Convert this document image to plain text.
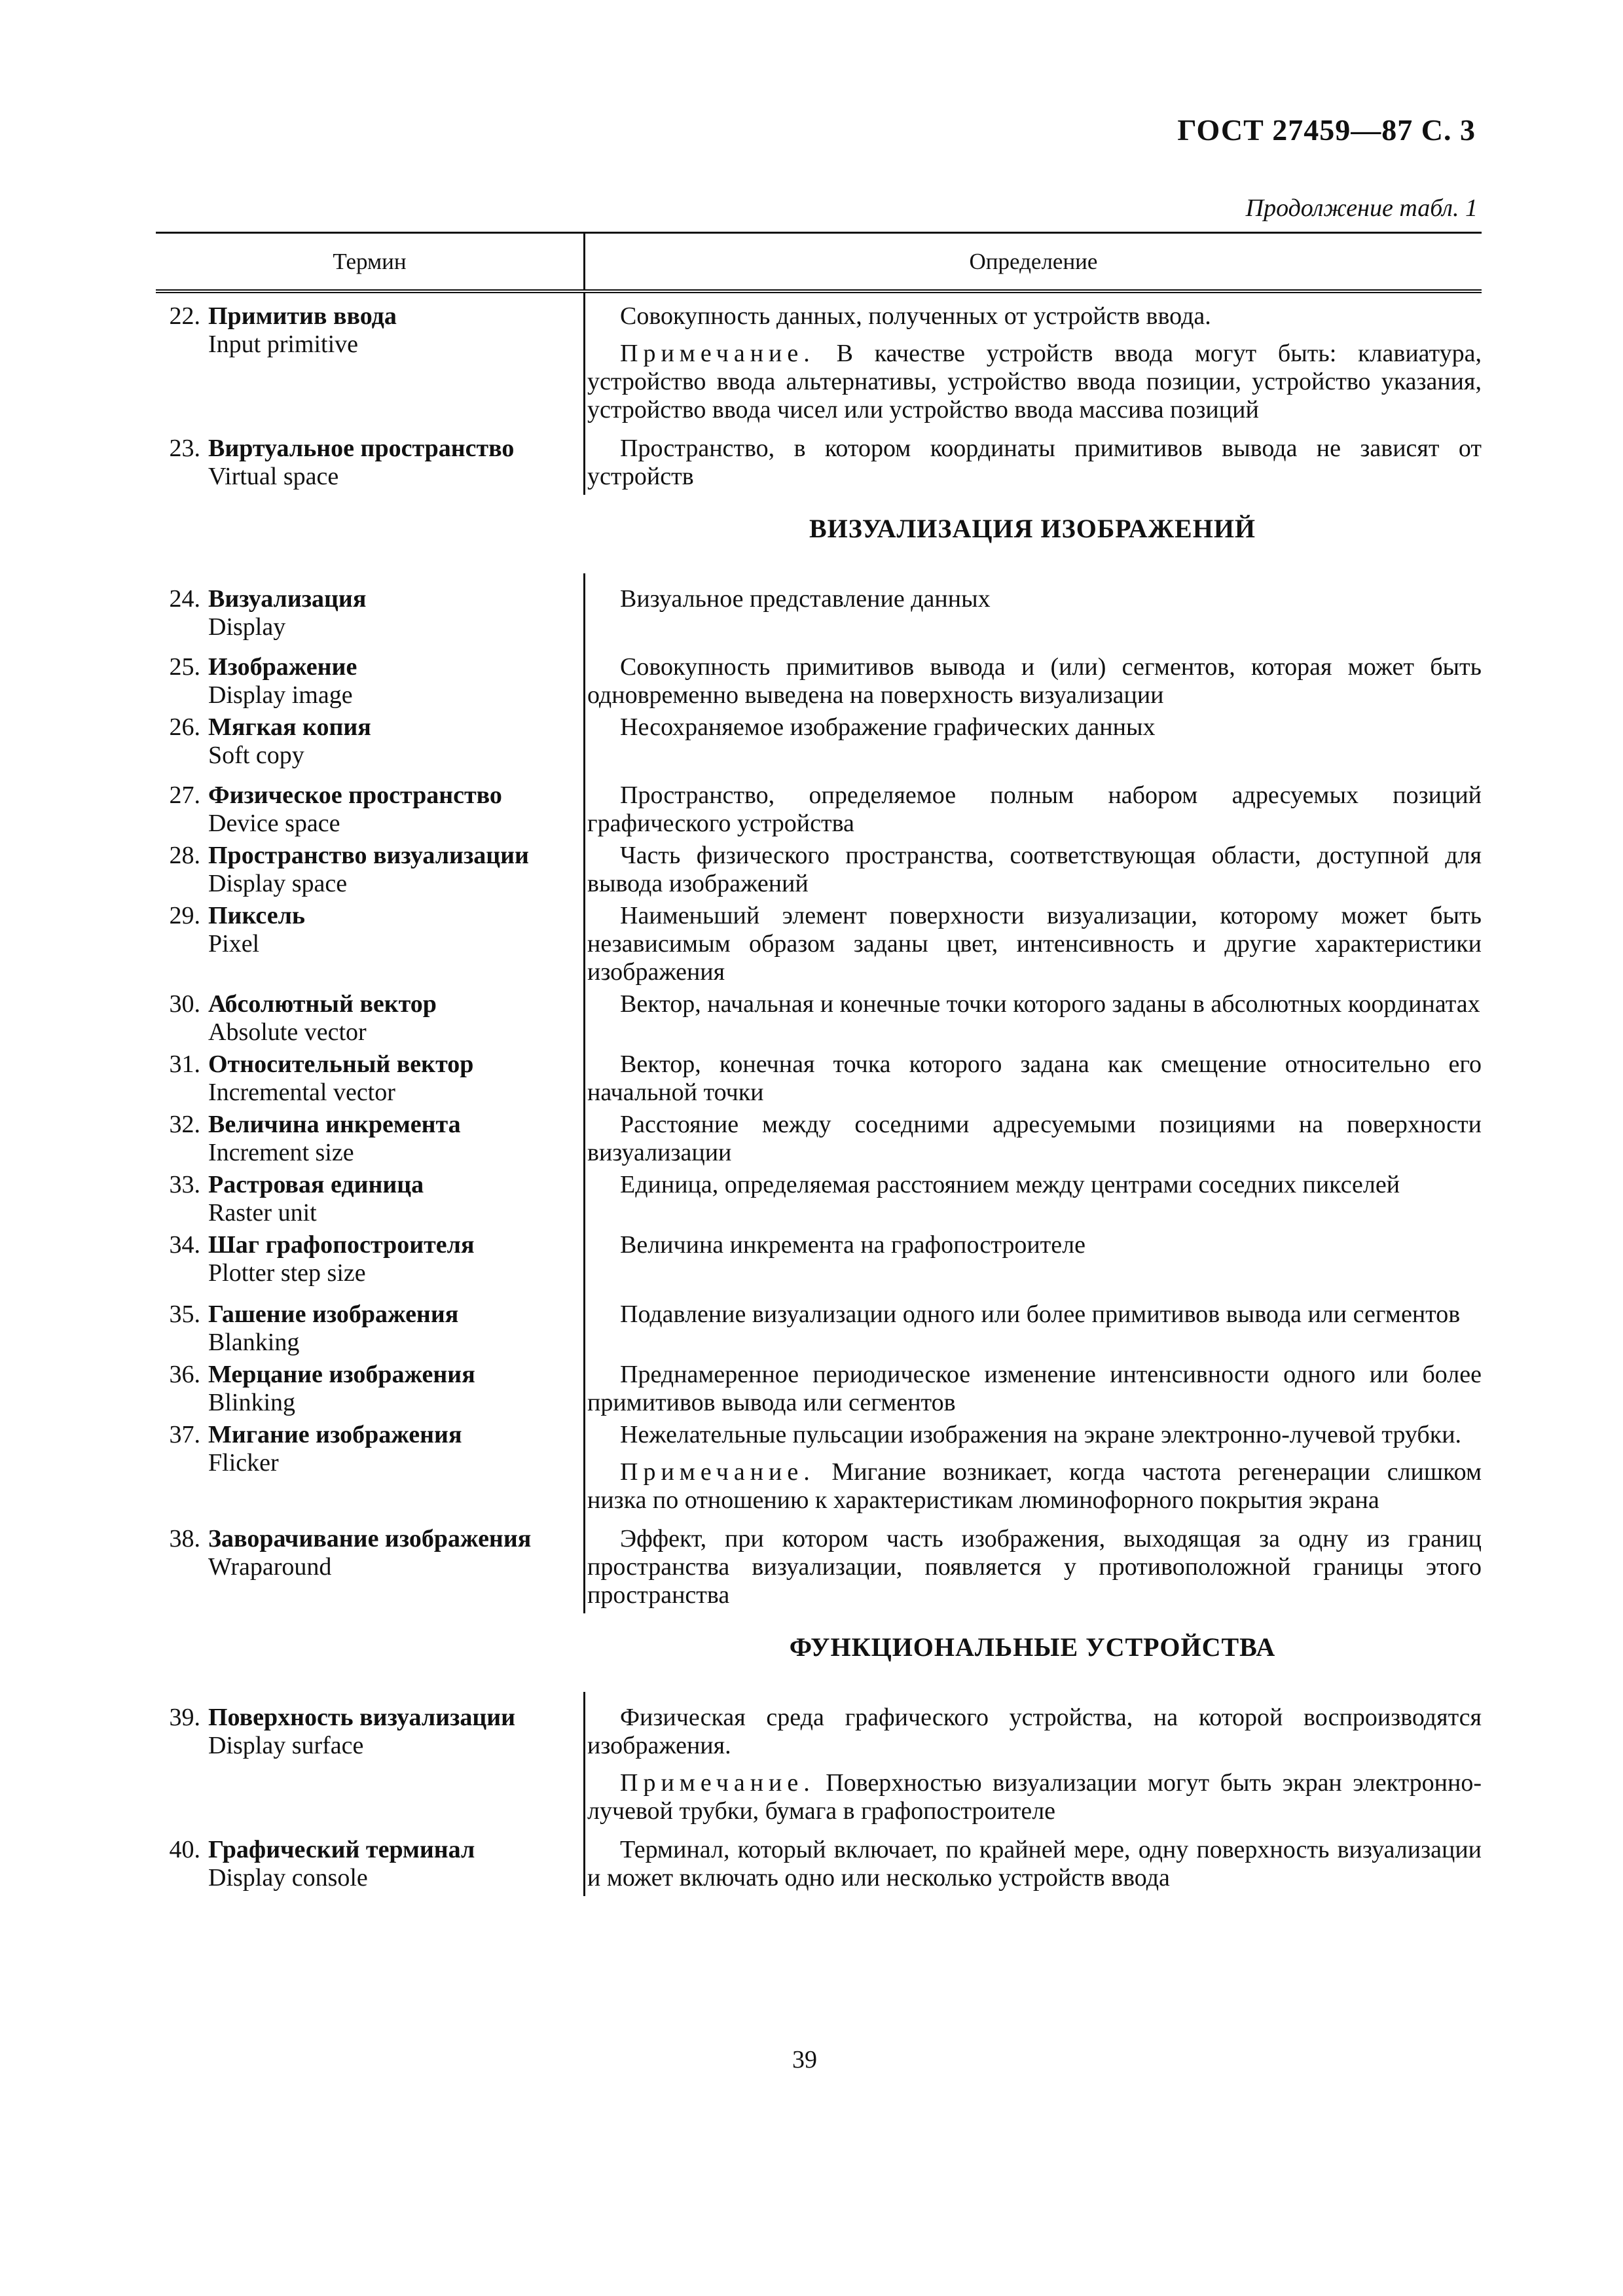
ГОСТ 27459—87 С. 3
Продолжение табл. 1
Термин	Определение
22. Примитив ввода
Input primitive

Совокупность данных, полученных от устройств ввода.

Примечание. В качестве устройств ввода могут быть: клавиатура, устройство ввода альтернативы, устройство ввода позиции, устройство указания, устройство ввода чисел или устройство ввода массива позиций

23. Виртуальное пространство
Virtual space

Пространство, в котором координаты примитивов вывода не зависят от устройств

ВИЗУАЛИЗАЦИЯ ИЗОБРАЖЕНИЙ
24. Визуализация
Display

Визуальное представление данных

25. Изображение
Display image

Совокупность примитивов вывода и (или) сегментов, которая может быть одновременно выведена на поверхность визуализации

26. Мягкая копия
Soft copy

Несохраняемое изображение графических данных

27. Физическое пространство
Device space

Пространство, определяемое полным набором адресуемых позиций графического устройства

28. Пространство визуализации
Display space

Часть физического пространства, соответствующая области, доступной для вывода изображений

29. Пиксель
Pixel

Наименьший элемент поверхности визуализации, которому может быть независимым образом заданы цвет, интенсивность и другие характеристики изображения

30. Абсолютный вектор
Absolute vector

Вектор, начальная и конечные точки которого заданы в абсолютных координатах

31. Относительный вектор
Incremental vector

Вектор, конечная точка которого задана как смещение относительно его начальной точки

32. Величина инкремента
Increment size

Расстояние между соседними адресуемыми позициями на поверхности визуализации

33. Растровая единица
Raster unit

Единица, определяемая расстоянием между центрами соседних пикселей

34. Шаг графопостроителя
Plotter step size

Величина инкремента на графопостроителе

35. Гашение изображения
Blanking

Подавление визуализации одного или более примитивов вывода или сегментов

36. Мерцание изображения
Blinking

Преднамеренное периодическое изменение интенсивности одного или более примитивов вывода или сегментов

37. Мигание изображения
Flicker

Нежелательные пульсации изображения на экране электронно-лучевой трубки.

Примечание. Мигание возникает, когда частота регенерации слишком низка по отношению к характеристикам люминофорного покрытия экрана

38. Заворачивание изображения
Wraparound

Эффект, при котором часть изображения, выходящая за одну из границ пространства визуализации, появляется у противоположной границы этого пространства

ФУНКЦИОНАЛЬНЫЕ УСТРОЙСТВА
39. Поверхность визуализации
Display surface

Физическая среда графического устройства, на которой воспроизводятся изображения.

Примечание. Поверхностью визуализации могут быть экран электронно-лучевой трубки, бумага в графопостроителе

40. Графический терминал
Display console

Терминал, который включает, по крайней мере, одну поверхность визуализации и может включать одно или несколько устройств ввода

39
